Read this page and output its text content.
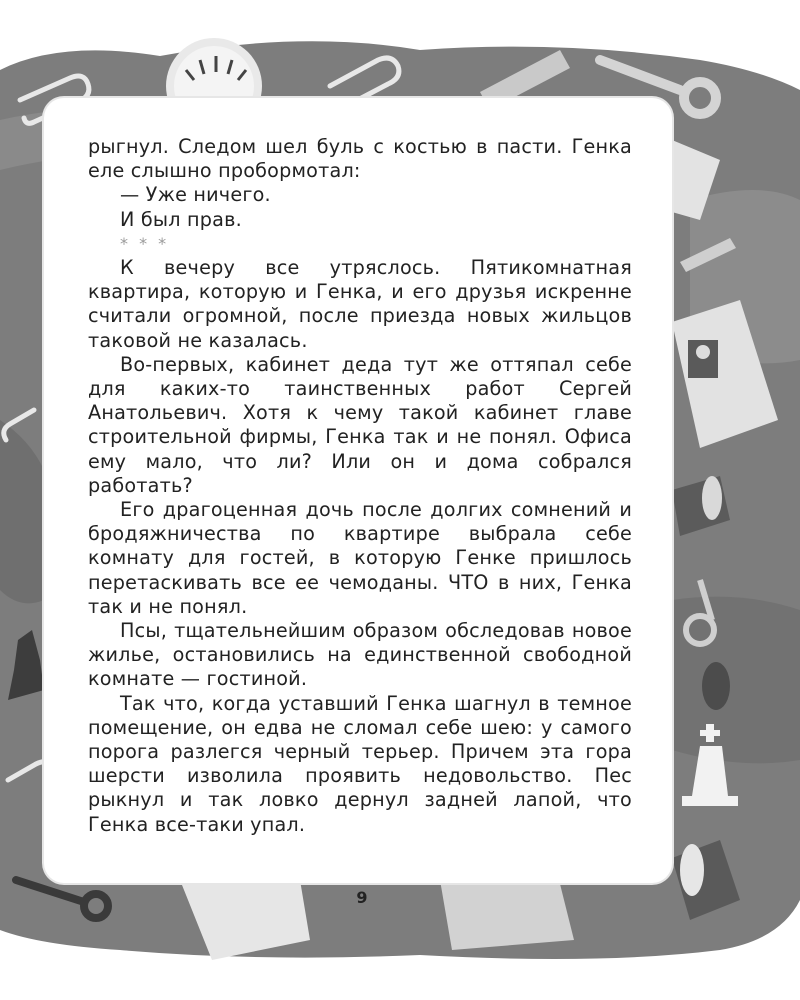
рыгнул. Следом шел буль с костью в пасти. Генка еле слышно пробормотал:

— Уже ничего.

И был прав.

* * *

К вечеру все утряслось. Пятикомнатная квартира, которую и Генка, и его друзья искренне считали огромной, после приезда новых жильцов таковой не казалась.

Во-первых, кабинет деда тут же оттяпал себе для каких-то таинственных работ Сергей Анатольевич. Хотя к чему такой кабинет главе строительной фирмы, Генка так и не понял. Офиса ему мало, что ли? Или он и дома собрался работать?

Его драгоценная дочь после долгих сомнений и бродяжничества по квартире выбрала себе комнату для гостей, в которую Генке пришлось перетаскивать все ее чемоданы. ЧТО в них, Генка так и не понял.

Псы, тщательнейшим образом обследовав новое жилье, остановились на единственной свободной комнате — гостиной.

Так что, когда уставший Генка шагнул в темное помещение, он едва не сломал себе шею: у самого порога разлегся черный терьер. Причем эта гора шерсти изволила проявить недовольство. Пес рыкнул и так ловко дернул задней лапой, что Генка все-таки упал.

9
